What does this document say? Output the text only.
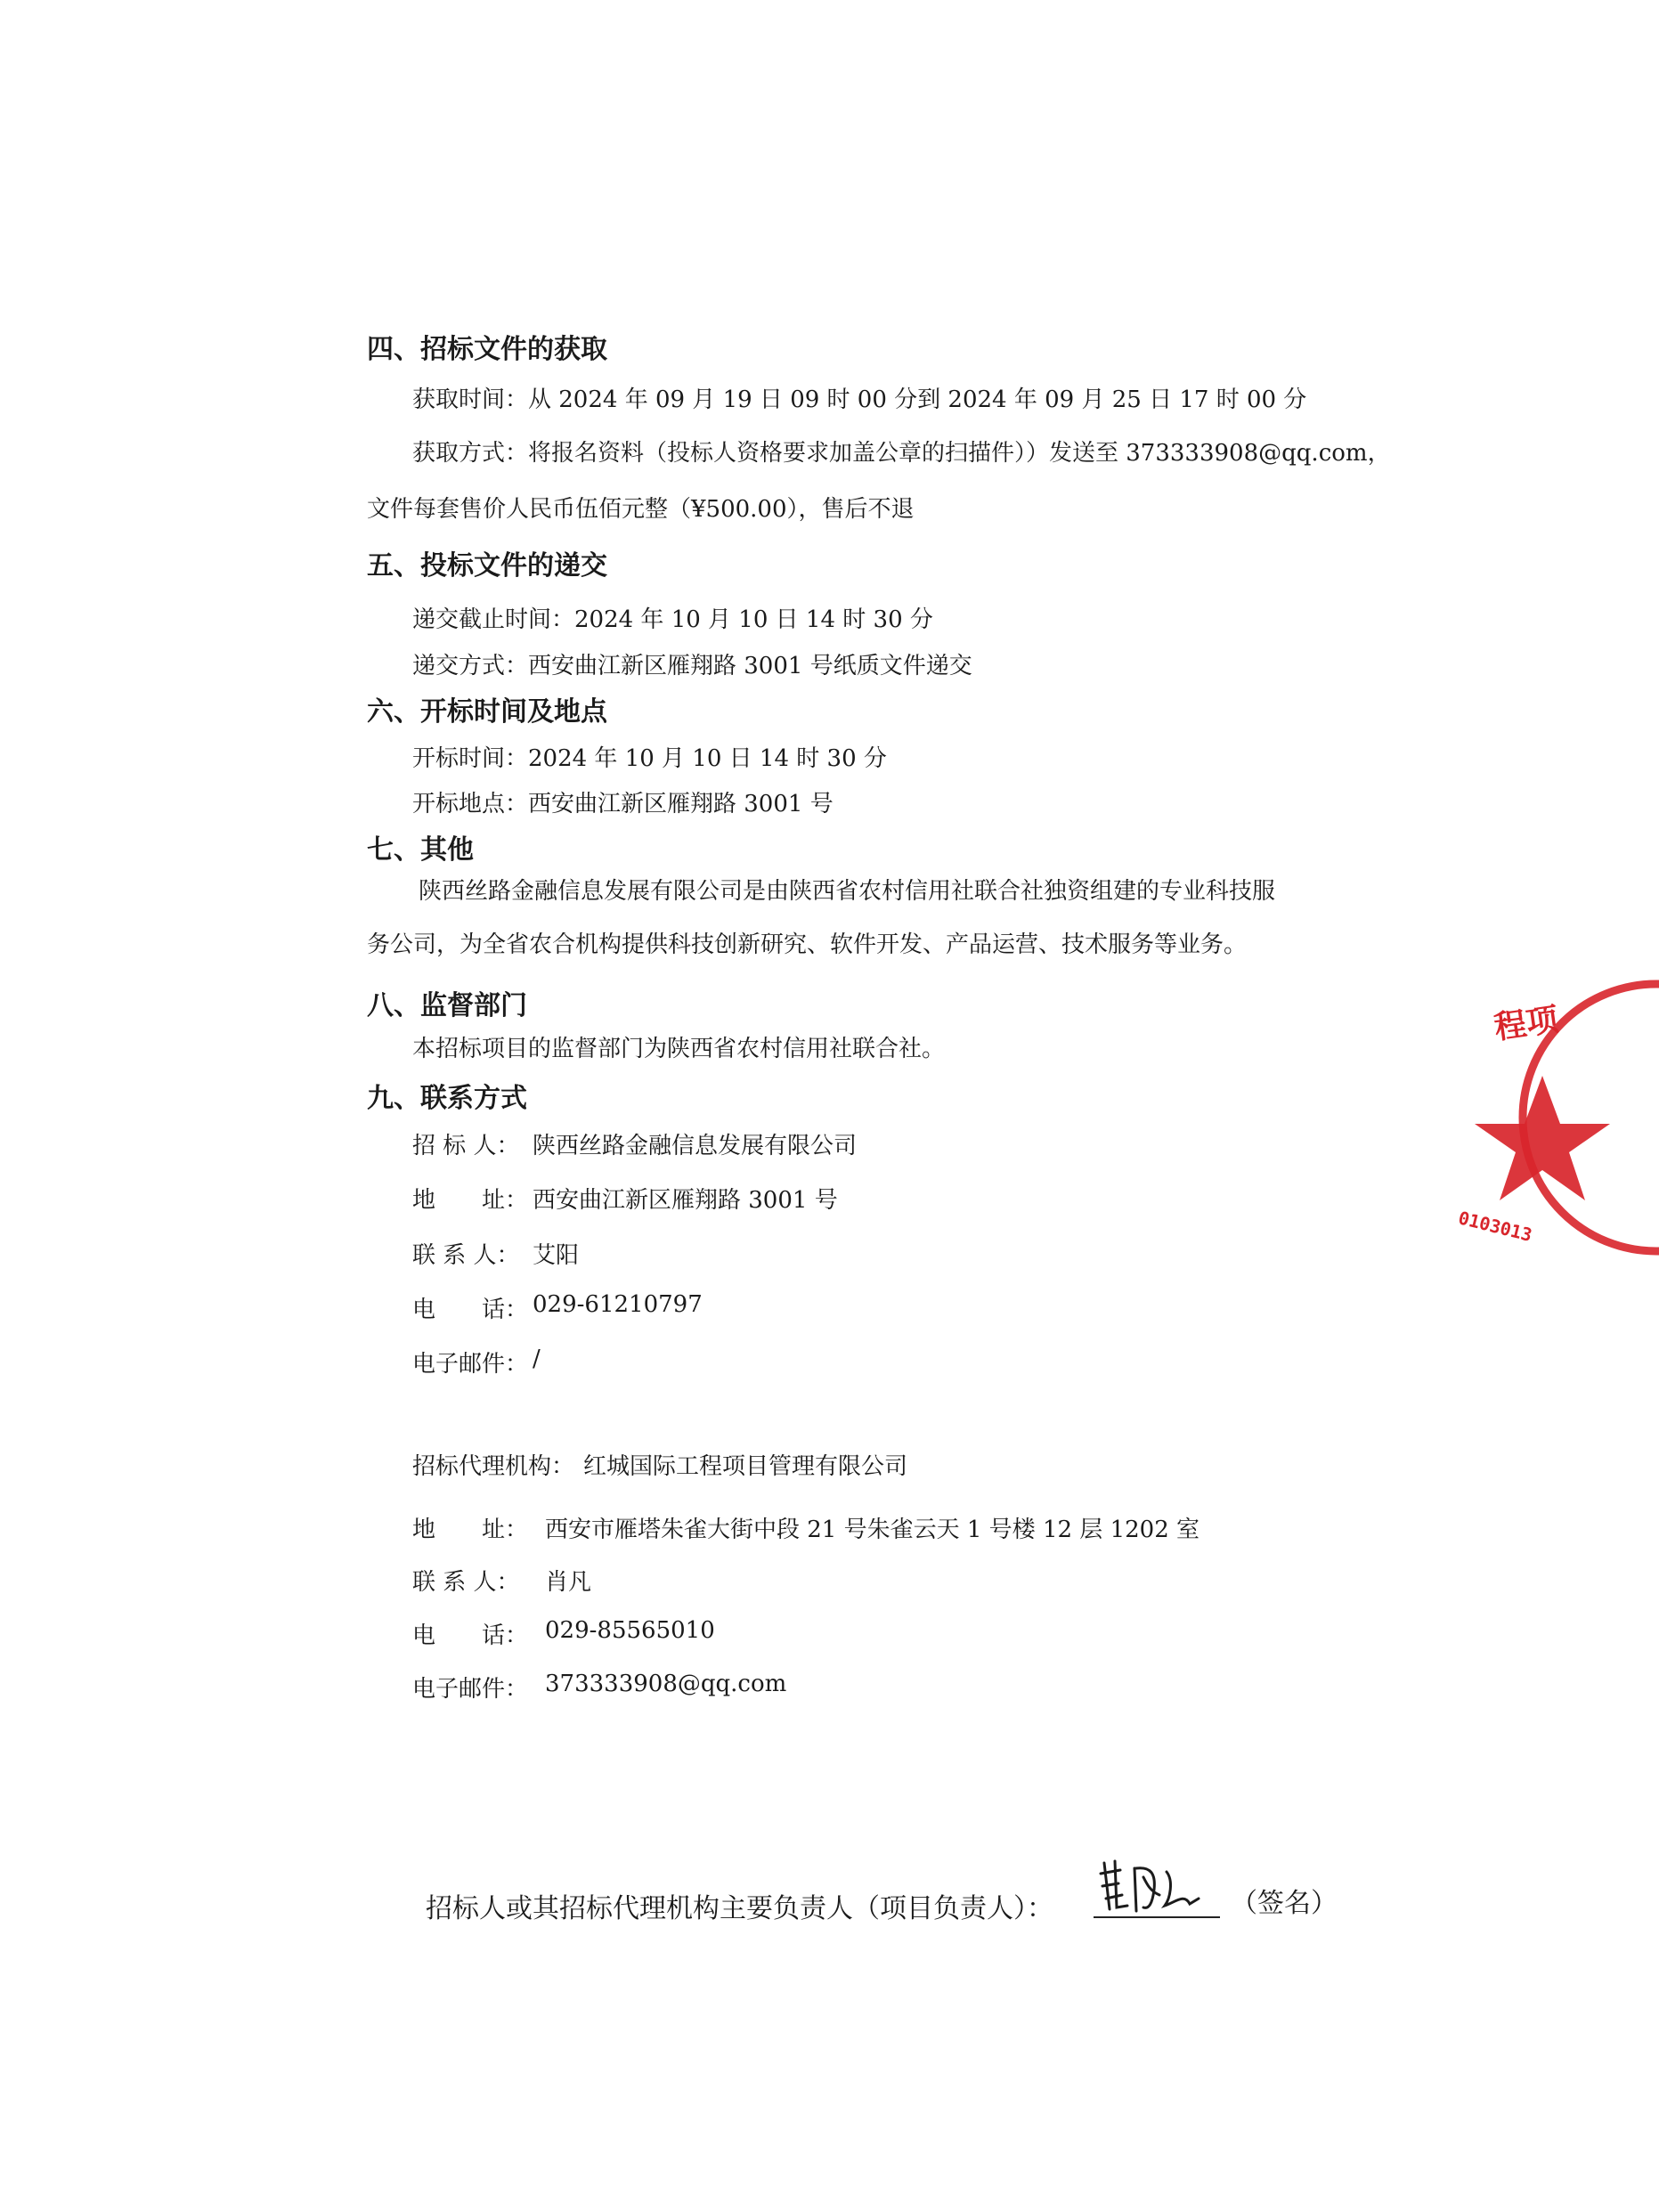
四、招标文件的获取
获取时间：从 2024 年 09 月 19 日 09 时 00 分到 2024 年 09 月 25 日 17 时 00 分
获取方式：将报名资料（投标人资格要求加盖公章的扫描件））发送至 373333908@qq.com，
文件每套售价人民币伍佰元整（¥500.00），售后不退
五、投标文件的递交
递交截止时间：2024 年 10 月 10 日 14 时 30 分
递交方式：西安曲江新区雁翔路 3001 号纸质文件递交
六、开标时间及地点
开标时间：2024 年 10 月 10 日 14 时 30 分
开标地点：西安曲江新区雁翔路 3001 号
七、其他
陕西丝路金融信息发展有限公司是由陕西省农村信用社联合社独资组建的专业科技服
务公司，为全省农合机构提供科技创新研究、软件开发、产品运营、技术服务等业务。
八、监督部门
本招标项目的监督部门为陕西省农村信用社联合社。
九、联系方式
招 标 人： 陕西丝路金融信息发展有限公司
地　　址： 西安曲江新区雁翔路 3001 号
联 系 人： 艾阳
电　　话： 029-61210797
电子邮件： /
招标代理机构： 红城国际工程项目管理有限公司
地　　址： 西安市雁塔朱雀大街中段 21 号朱雀云天 1 号楼 12 层 1202 室
联 系 人： 肖凡
电　　话： 029-85565010
电子邮件： 373333908@qq.com
招标人或其招标代理机构主要负责人（项目负责人）：	（签名）
程项
0103013
